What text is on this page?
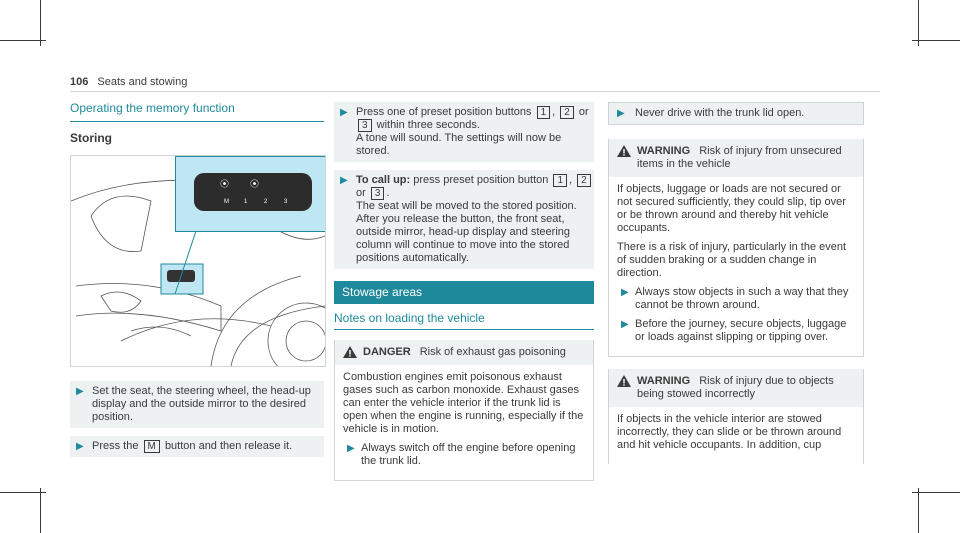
106 Seats and stowing
Operating the memory function
Storing
⦿ ⦿
M	1	2	3
▶ Set the seat, the steering wheel, the head-up display and the outside mirror to the desired position.
▶ Press the M button and then release it.
▶ Press one of preset position buttons 1 , 2 or 3 within three seconds.
A tone will sound. The settings will now be stored.
▶ To call up: press preset position button 1 , 2 or 3 .
The seat will be moved to the stored position. After you release the button, the front seat, outside mirror, head-up display and steering column will continue to move into the stored positions automatically.
Stowage areas
Notes on loading the vehicle
DANGER Risk of exhaust gas poisoning

Combustion engines emit poisonous exhaust gases such as carbon monoxide. Exhaust gases can enter the vehicle interior if the trunk lid is open when the engine is running, especially if the vehicle is in motion.

▶ Always switch off the engine before opening the trunk lid.
▶ Never drive with the trunk lid open.
WARNING Risk of injury from unsecured items in the vehicle

If objects, luggage or loads are not secured or not secured sufficiently, they could slip, tip over or be thrown around and thereby hit vehicle occupants.

There is a risk of injury, particularly in the event of sudden braking or a sudden change in direction.

▶ Always stow objects in such a way that they cannot be thrown around.
▶ Before the journey, secure objects, luggage or loads against slipping or tipping over.
WARNING Risk of injury due to objects being stowed incorrectly

If objects in the vehicle interior are stowed incorrectly, they can slide or be thrown around and hit vehicle occupants. In addition, cup
